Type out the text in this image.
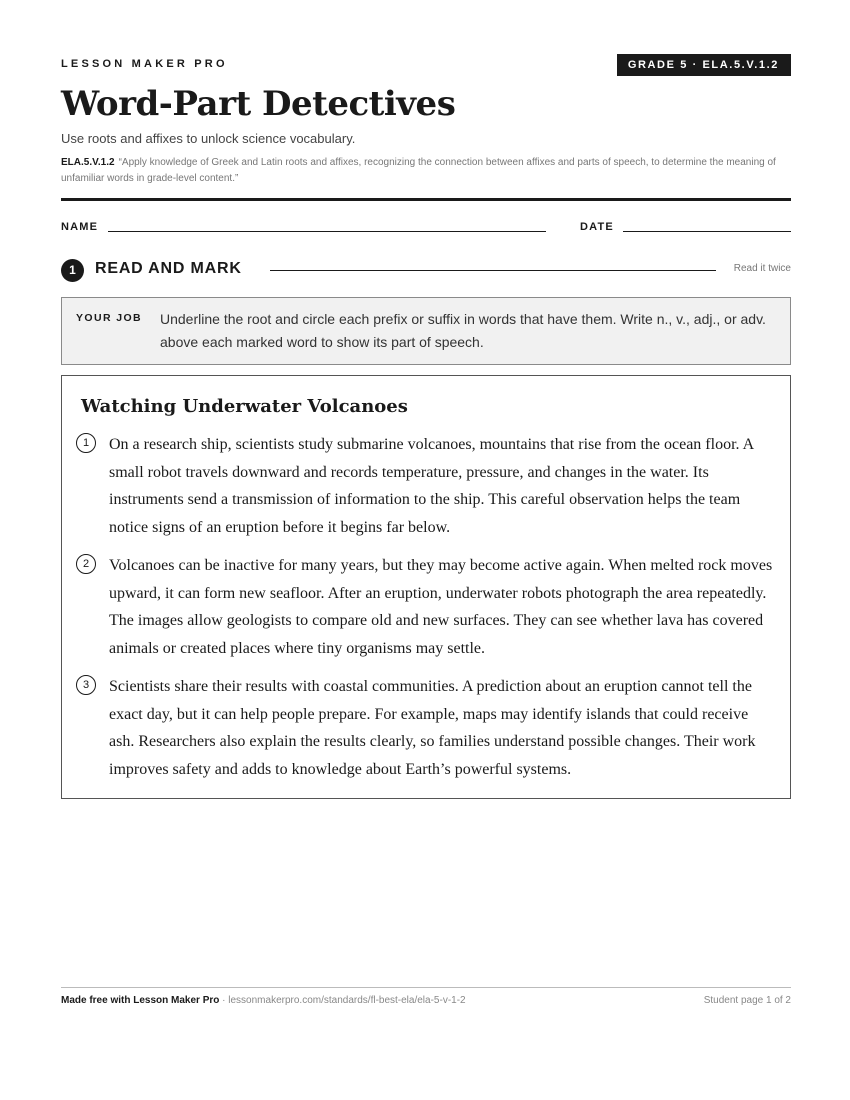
LESSON MAKER PRO	GRADE 5 · ELA.5.V.1.2
Word-Part Detectives
Use roots and affixes to unlock science vocabulary.
ELA.5.V.1.2 “Apply knowledge of Greek and Latin roots and affixes, recognizing the connection between affixes and parts of speech, to determine the meaning of unfamiliar words in grade-level content.”
NAME	DATE
1	READ AND MARK	Read it twice
YOUR JOB Underline the root and circle each prefix or suffix in words that have them. Write n., v., adj., or adv. above each marked word to show its part of speech.
Watching Underwater Volcanoes
1	On a research ship, scientists study submarine volcanoes, mountains that rise from the ocean floor. A small robot travels downward and records temperature, pressure, and changes in the water. Its instruments send a transmission of information to the ship. This careful observation helps the team notice signs of an eruption before it begins far below.
2	Volcanoes can be inactive for many years, but they may become active again. When melted rock moves upward, it can form new seafloor. After an eruption, underwater robots photograph the area repeatedly. The images allow geologists to compare old and new surfaces. They can see whether lava has covered animals or created places where tiny organisms may settle.
3	Scientists share their results with coastal communities. A prediction about an eruption cannot tell the exact day, but it can help people prepare. For example, maps may identify islands that could receive ash. Researchers also explain the results clearly, so families understand possible changes. Their work improves safety and adds to knowledge about Earth’s powerful systems.
Made free with Lesson Maker Pro · lessonmakerpro.com/standards/fl-best-ela/ela-5-v-1-2	Student page 1 of 2
